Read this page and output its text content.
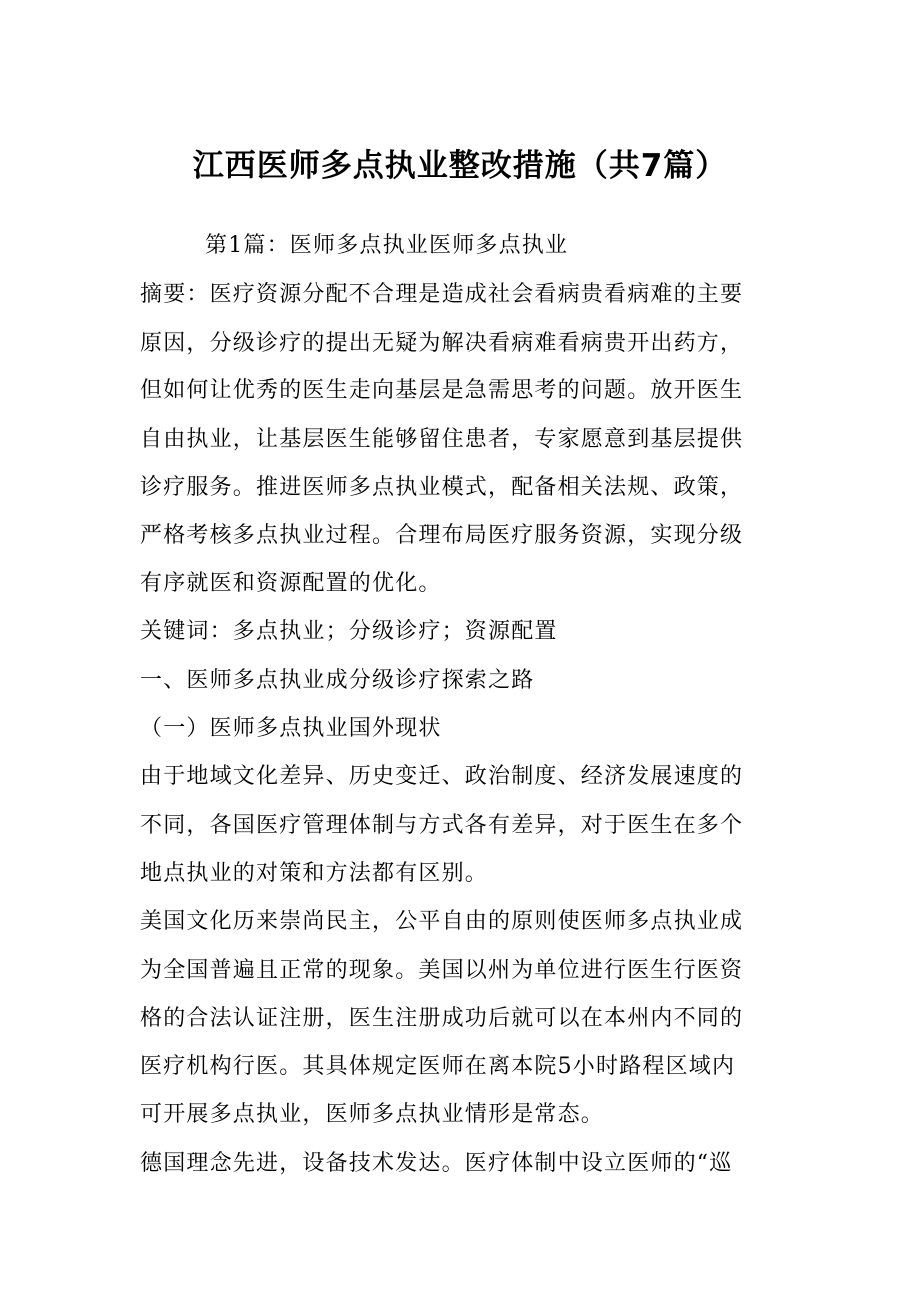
江西医师多点执业整改措施（共7篇）

第1篇：医师多点执业医师多点执业

摘要：医疗资源分配不合理是造成社会看病贵看病难的主要

原因，分级诊疗的提出无疑为解决看病难看病贵开出药方，

但如何让优秀的医生走向基层是急需思考的问题。放开医生

自由执业，让基层医生能够留住患者，专家愿意到基层提供

诊疗服务。推进医师多点执业模式，配备相关法规、政策，

严格考核多点执业过程。合理布局医疗服务资源，实现分级

有序就医和资源配置的优化。

关键词：多点执业；分级诊疗；资源配置

一、医师多点执业成分级诊疗探索之路

（一）医师多点执业国外现状

由于地域文化差异、历史变迁、政治制度、经济发展速度的

不同，各国医疗管理体制与方式各有差异，对于医生在多个

地点执业的对策和方法都有区别。

美国文化历来崇尚民主，公平自由的原则使医师多点执业成

为全国普遍且正常的现象。美国以州为单位进行医生行医资

格的合法认证注册，医生注册成功后就可以在本州内不同的

医疗机构行医。其具体规定医师在离本院5小时路程区域内

可开展多点执业，医师多点执业情形是常态。

德国理念先进，设备技术发达。医疗体制中设立医师的“巡
